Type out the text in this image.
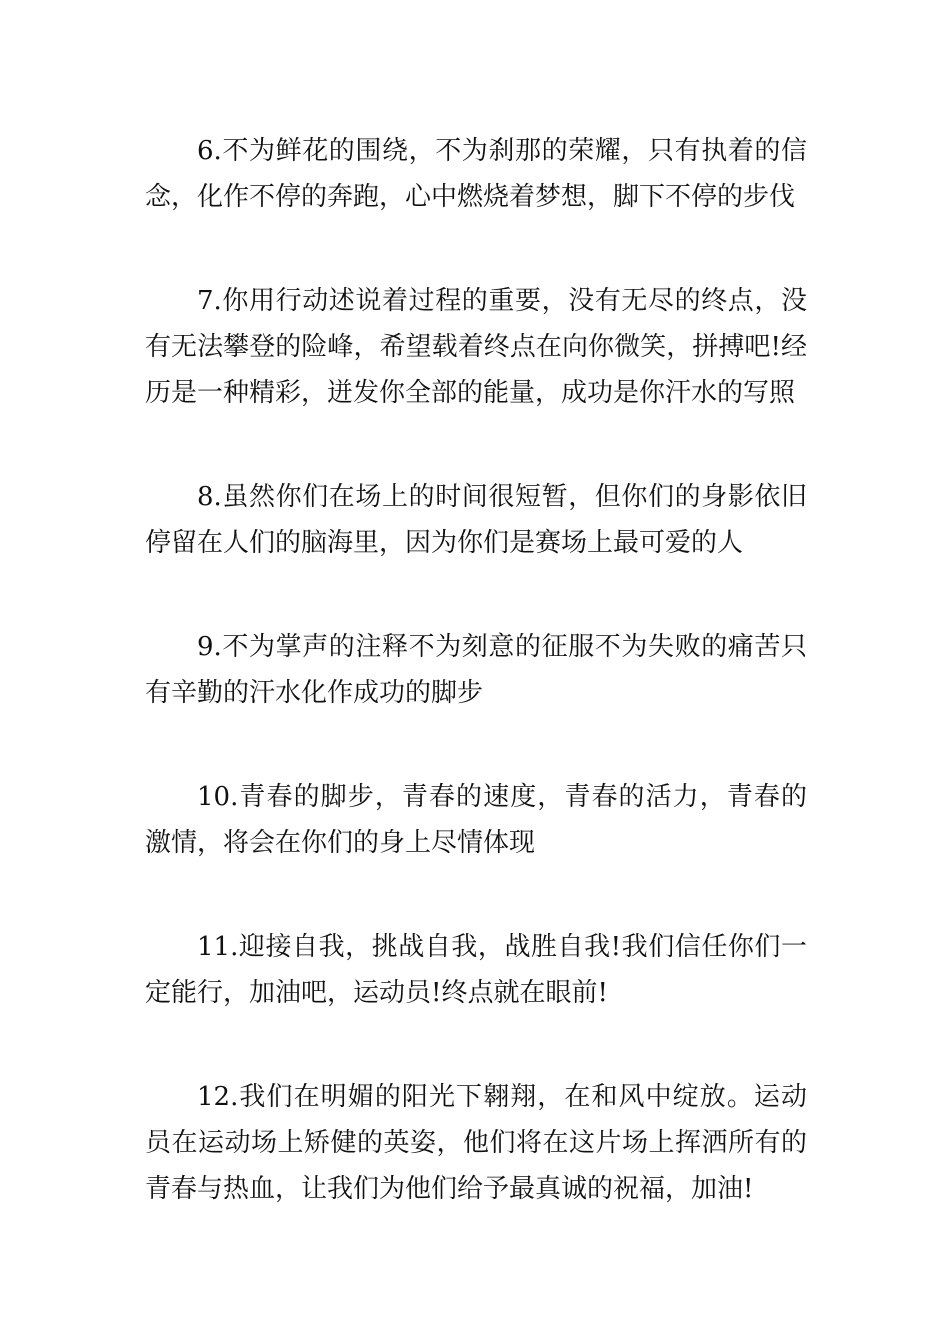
6.不为鲜花的围绕，不为刹那的荣耀，只有执着的信念，化作不停的奔跑，心中燃烧着梦想，脚下不停的步伐

7.你用行动述说着过程的重要，没有无尽的终点，没有无法攀登的险峰，希望载着终点在向你微笑，拼搏吧!经历是一种精彩，迸发你全部的能量，成功是你汗水的写照

8.虽然你们在场上的时间很短暂，但你们的身影依旧停留在人们的脑海里，因为你们是赛场上最可爱的人

9.不为掌声的注释不为刻意的征服不为失败的痛苦只有辛勤的汗水化作成功的脚步

10.青春的脚步，青春的速度，青春的活力，青春的激情，将会在你们的身上尽情体现

11.迎接自我，挑战自我，战胜自我!我们信任你们一定能行，加油吧，运动员!终点就在眼前!

12.我们在明媚的阳光下翱翔，在和风中绽放。运动员在运动场上矫健的英姿，他们将在这片场上挥洒所有的青春与热血，让我们为他们给予最真诚的祝福，加油!
